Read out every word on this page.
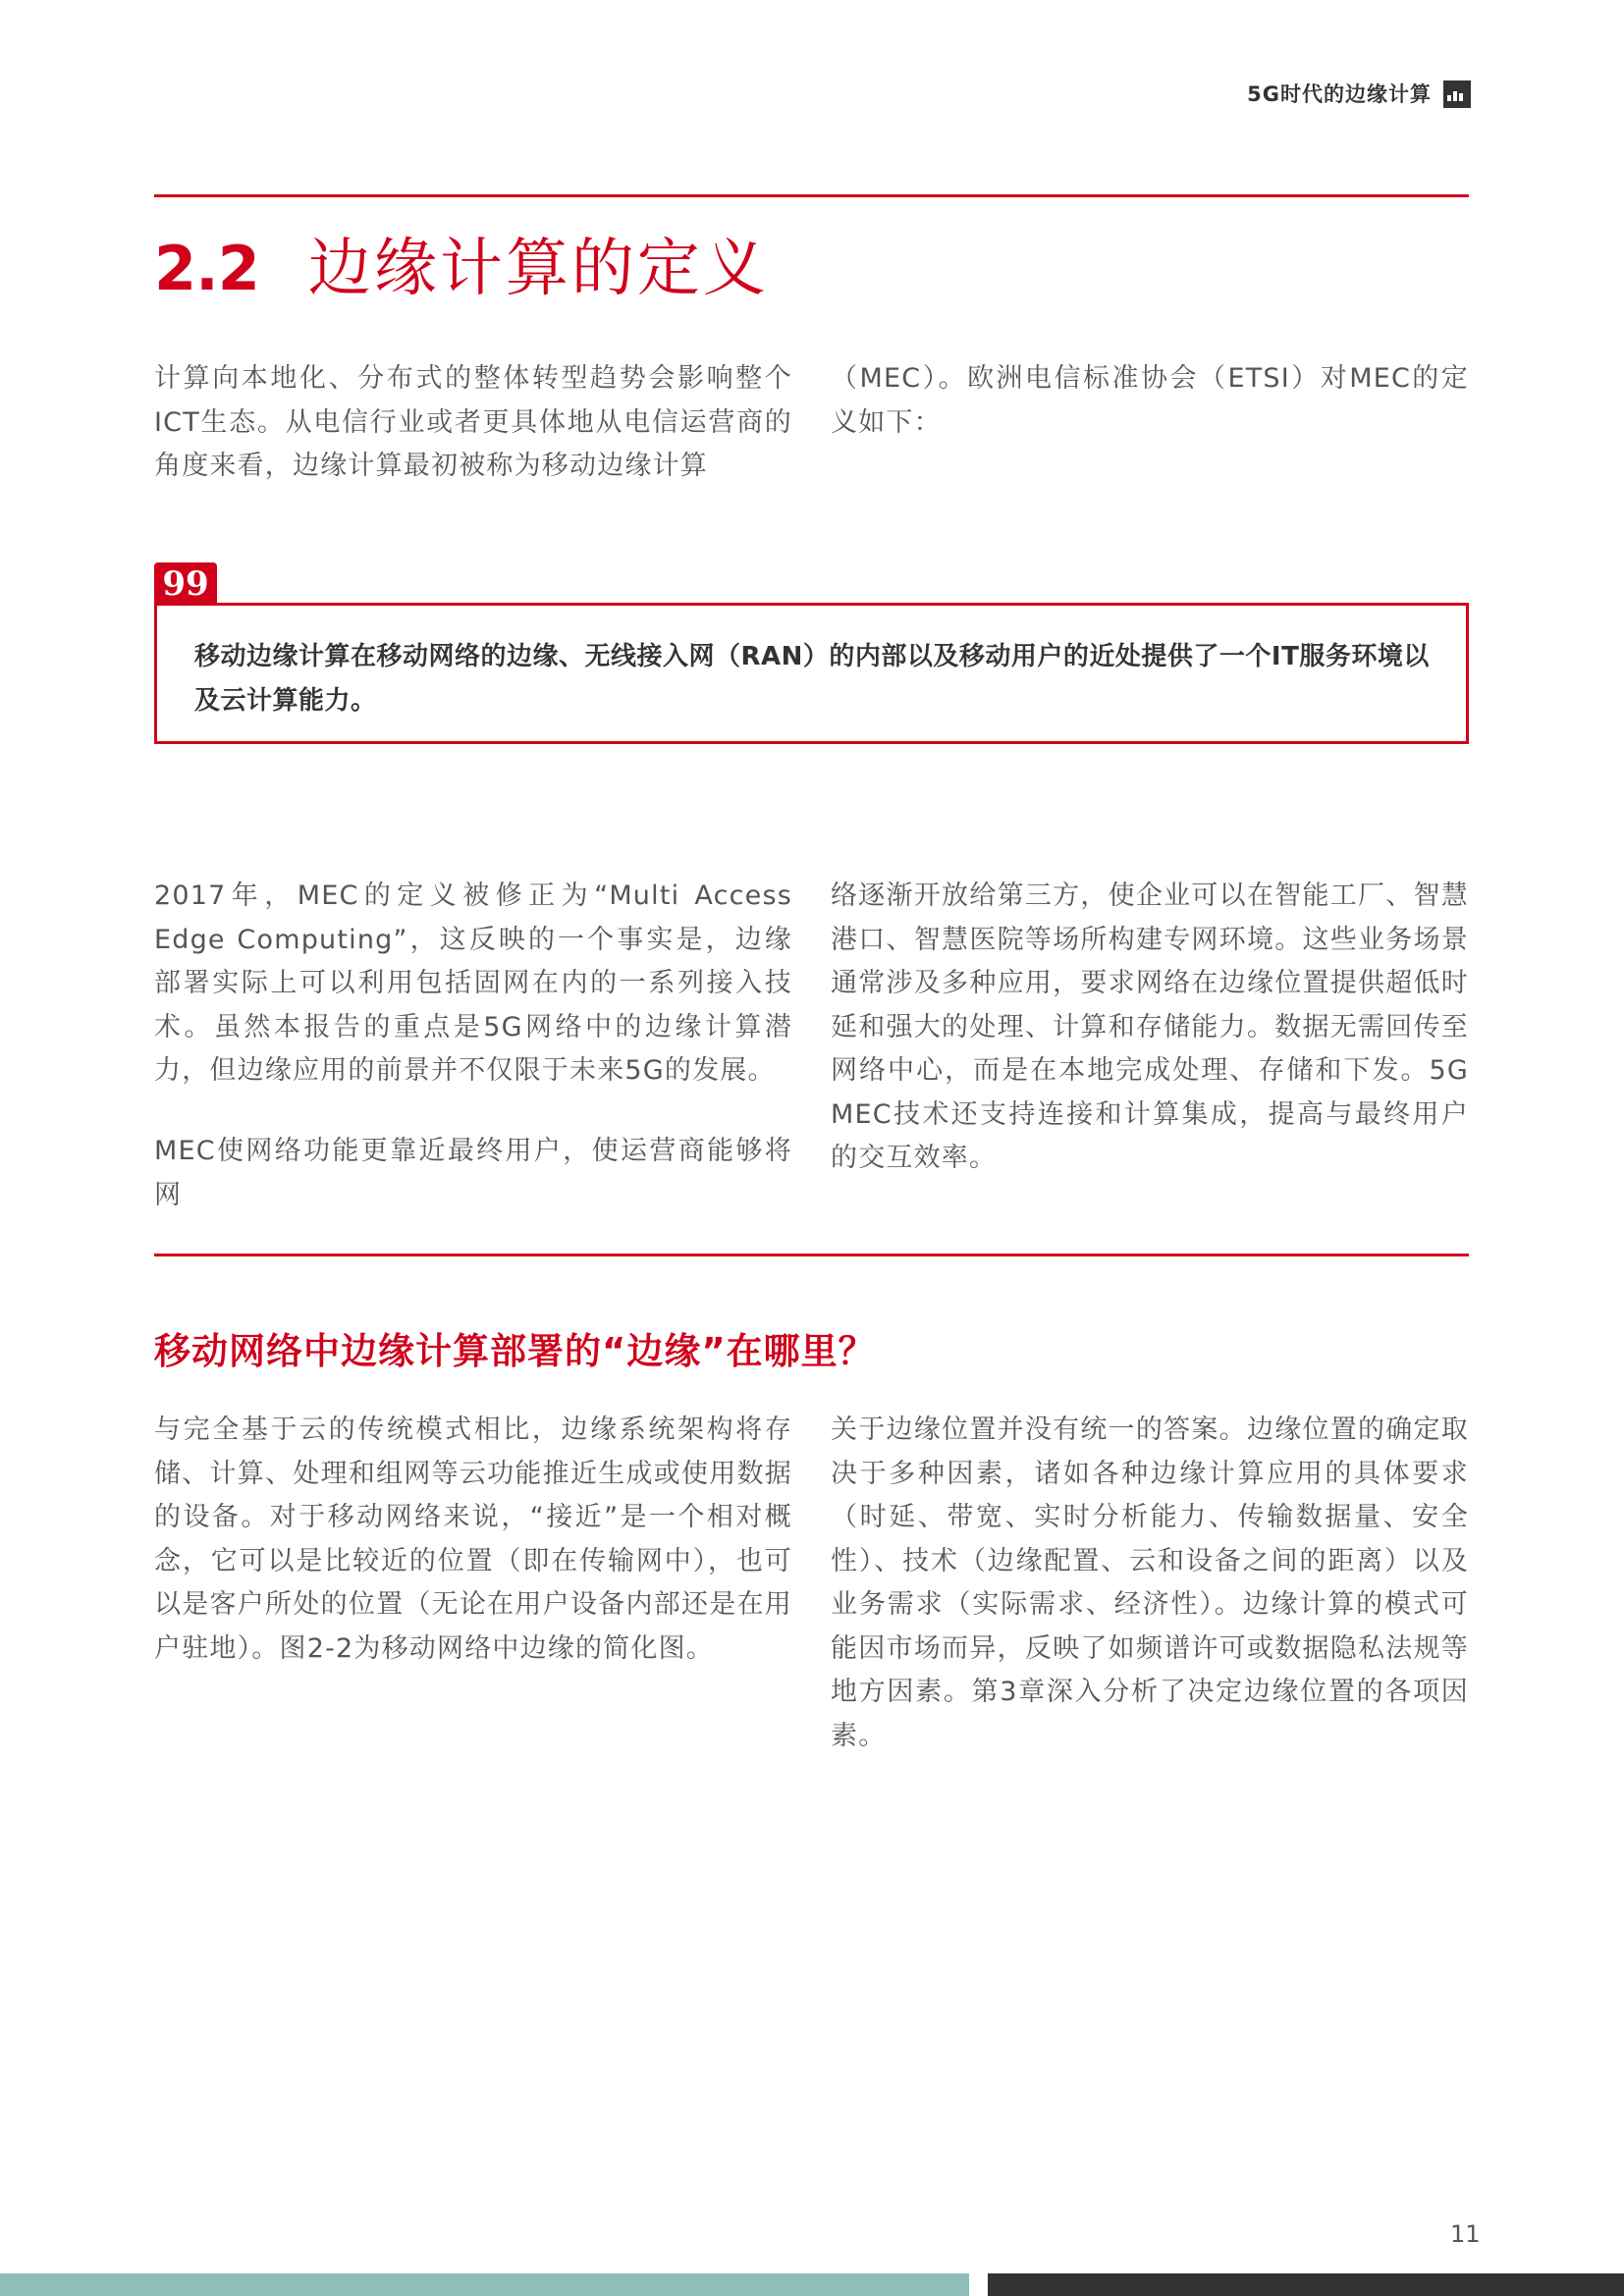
5G时代的边缘计算
2.2 边缘计算的定义

计算向本地化、分布式的整体转型趋势会影响整个ICT生态。从电信行业或者更具体地从电信运营商的角度来看，边缘计算最初被称为移动边缘计算

（MEC）。欧洲电信标准协会（ETSI）对MEC的定义如下：

99

移动边缘计算在移动网络的边缘、无线接入网（RAN）的内部以及移动用户的近处提供了一个IT服务环境以及云计算能力。

2017年，MEC的定义被修正为“Multi Access Edge Computing”，这反映的一个事实是，边缘部署实际上可以利用包括固网在内的一系列接入技术。虽然本报告的重点是5G网络中的边缘计算潜力，但边缘应用的前景并不仅限于未来5G的发展。

MEC使网络功能更靠近最终用户，使运营商能够将网

络逐渐开放给第三方，使企业可以在智能工厂、智慧港口、智慧医院等场所构建专网环境。这些业务场景通常涉及多种应用，要求网络在边缘位置提供超低时延和强大的处理、计算和存储能力。数据无需回传至网络中心，而是在本地完成处理、存储和下发。5G MEC技术还支持连接和计算集成，提高与最终用户的交互效率。

移动网络中边缘计算部署的“边缘”在哪里？

与完全基于云的传统模式相比，边缘系统架构将存储、计算、处理和组网等云功能推近生成或使用数据的设备。对于移动网络来说，“接近”是一个相对概念，它可以是比较近的位置（即在传输网中），也可以是客户所处的位置（无论在用户设备内部还是在用户驻地）。图2-2为移动网络中边缘的简化图。

关于边缘位置并没有统一的答案。边缘位置的确定取决于多种因素，诸如各种边缘计算应用的具体要求（时延、带宽、实时分析能力、传输数据量、安全性）、技术（边缘配置、云和设备之间的距离）以及业务需求（实际需求、经济性）。边缘计算的模式可能因市场而异，反映了如频谱许可或数据隐私法规等地方因素。第3章深入分析了决定边缘位置的各项因素。

11
